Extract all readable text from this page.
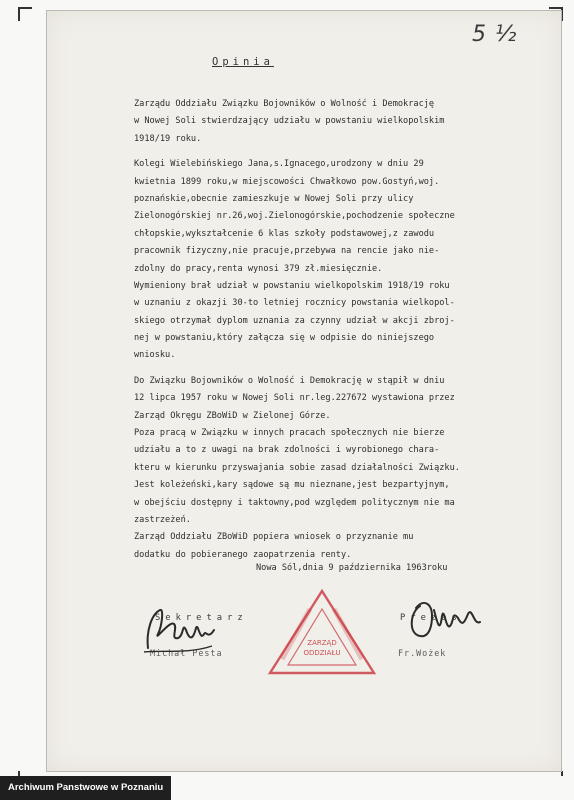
5 ½
Opinia
Zarządu Oddziału Związku Bojowników o Wolność i Demokrację
w Nowej Soli stwierdzający udziału w powstaniu wielkopolskim
1918/19 roku.
Kolegi Wielebińskiego Jana,s.Ignacego,urodzony w dniu 29
kwietnia 1899 roku,w miejscowości Chwałkowo pow.Gostyń,woj.
poznańskie,obecnie zamieszkuje w Nowej Soli przy ulicy
Zielonogórskiej nr.26,woj.Zielonogórskie,pochodzenie społeczne
chłopskie,wykształcenie 6 klas szkoły podstawowej,z zawodu
pracownik fizyczny,nie pracuje,przebywa na rencie jako nie-
zdolny do pracy,renta wynosi 379 zł.miesięcznie.
Wymieniony brał udział w powstaniu wielkopolskim 1918/19 roku
w uznaniu z okazji 30-to letniej rocznicy powstania wielkopol-
skiego otrzymał dyplom uznania za czynny udział w akcji zbroj-
nej w powstaniu,który załącza się w odpisie do niniejszego
wniosku.
Do Związku Bojowników o Wolność i Demokrację w stąpił w dniu
12 lipca 1957 roku w Nowej Soli nr.leg.227672 wystawiona przez
Zarząd Okręgu ZBoWiD w Zielonej Górze.
Poza pracą w Związku w innych pracach społecznych nie bierze
udziału a to z uwagi na brak zdolności i wyrobionego chara-
kteru w kierunku przyswajania sobie zasad działalności Związku.
Jest koleżeński,kary sądowe są mu nieznane,jest bezpartyjnym,
w obejściu dostępny i taktowny,pod względem politycznym nie ma
zastrzeżeń.
Zarząd Oddziału ZBoWiD popiera wniosek o przyznanie mu
dodatku do pobieranego zaopatrzenia renty.
Nowa Sól,dnia 9 października 1963roku
Sekretarz
Michał Pesta
ZARZĄD
ODDZIAŁU
Prezes
Fr.Wożek
Archiwum Panstwowe w Poznaniu
